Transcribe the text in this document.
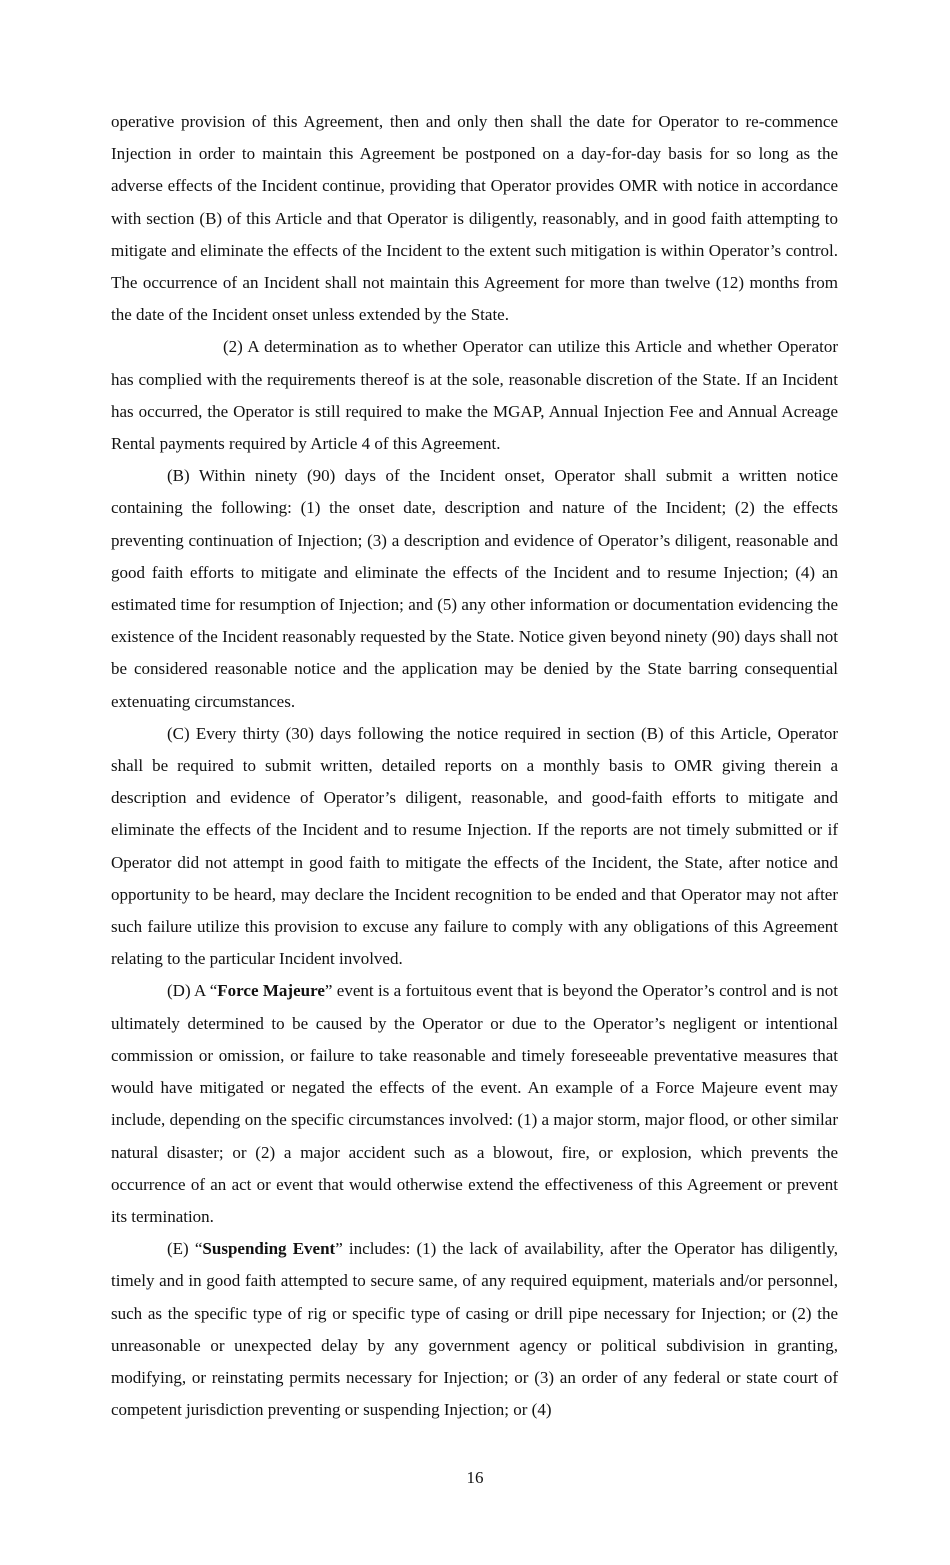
operative provision of this Agreement, then and only then shall the date for Operator to re-commence Injection in order to maintain this Agreement be postponed on a day-for-day basis for so long as the adverse effects of the Incident continue, providing that Operator provides OMR with notice in accordance with section (B) of this Article and that Operator is diligently, reasonably, and in good faith attempting to mitigate and eliminate the effects of the Incident to the extent such mitigation is within Operator’s control. The occurrence of an Incident shall not maintain this Agreement for more than twelve (12) months from the date of the Incident onset unless extended by the State.

(2) A determination as to whether Operator can utilize this Article and whether Operator has complied with the requirements thereof is at the sole, reasonable discretion of the State. If an Incident has occurred, the Operator is still required to make the MGAP, Annual Injection Fee and Annual Acreage Rental payments required by Article 4 of this Agreement.

(B) Within ninety (90) days of the Incident onset, Operator shall submit a written notice containing the following: (1) the onset date, description and nature of the Incident; (2) the effects preventing continuation of Injection; (3) a description and evidence of Operator’s diligent, reasonable and good faith efforts to mitigate and eliminate the effects of the Incident and to resume Injection; (4) an estimated time for resumption of Injection; and (5) any other information or documentation evidencing the existence of the Incident reasonably requested by the State. Notice given beyond ninety (90) days shall not be considered reasonable notice and the application may be denied by the State barring consequential extenuating circumstances.

(C) Every thirty (30) days following the notice required in section (B) of this Article, Operator shall be required to submit written, detailed reports on a monthly basis to OMR giving therein a description and evidence of Operator’s diligent, reasonable, and good-faith efforts to mitigate and eliminate the effects of the Incident and to resume Injection. If the reports are not timely submitted or if Operator did not attempt in good faith to mitigate the effects of the Incident, the State, after notice and opportunity to be heard, may declare the Incident recognition to be ended and that Operator may not after such failure utilize this provision to excuse any failure to comply with any obligations of this Agreement relating to the particular Incident involved.

(D) A “Force Majeure” event is a fortuitous event that is beyond the Operator’s control and is not ultimately determined to be caused by the Operator or due to the Operator’s negligent or intentional commission or omission, or failure to take reasonable and timely foreseeable preventative measures that would have mitigated or negated the effects of the event. An example of a Force Majeure event may include, depending on the specific circumstances involved: (1) a major storm, major flood, or other similar natural disaster; or (2) a major accident such as a blowout, fire, or explosion, which prevents the occurrence of an act or event that would otherwise extend the effectiveness of this Agreement or prevent its termination.

(E) “Suspending Event” includes: (1) the lack of availability, after the Operator has diligently, timely and in good faith attempted to secure same, of any required equipment, materials and/or personnel, such as the specific type of rig or specific type of casing or drill pipe necessary for Injection; or (2) the unreasonable or unexpected delay by any government agency or political subdivision in granting, modifying, or reinstating permits necessary for Injection; or (3) an order of any federal or state court of competent jurisdiction preventing or suspending Injection; or (4)

16
